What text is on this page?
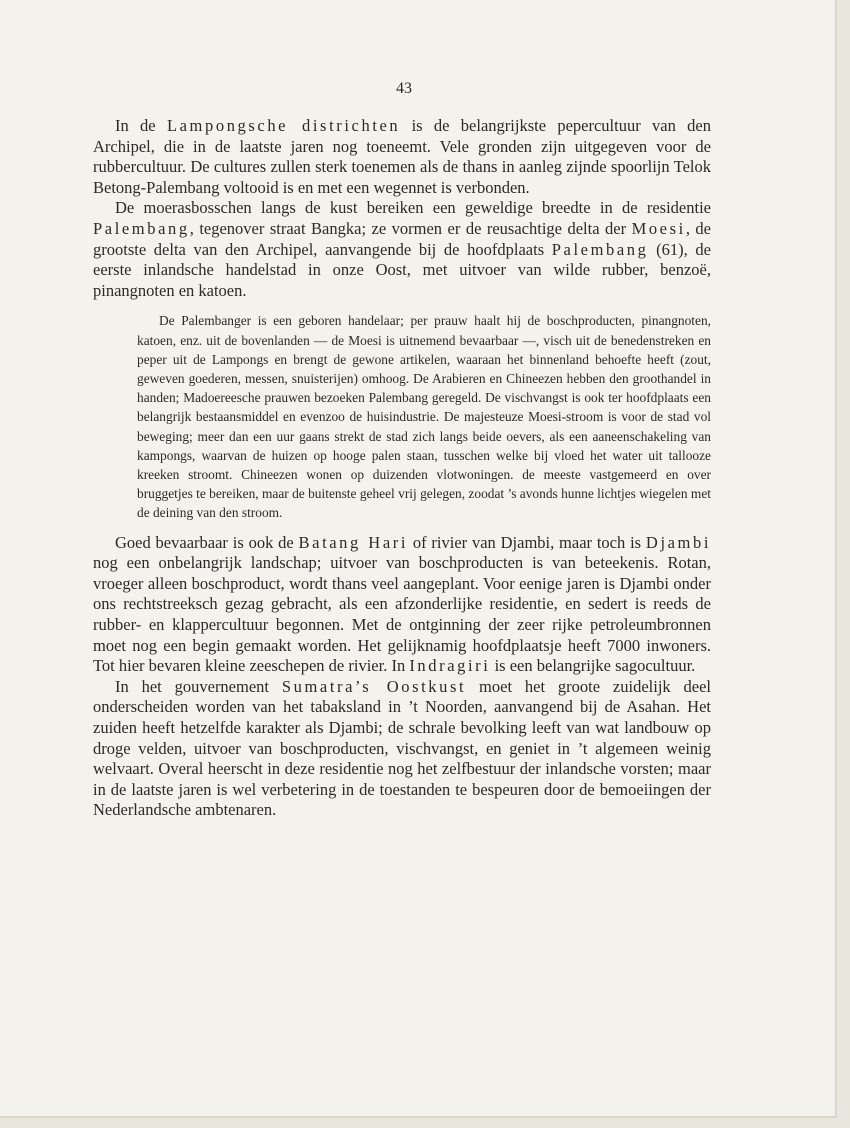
43

In de Lampongsche districhten is de belangrijkste pepercultuur van den Archipel, die in de laatste jaren nog toeneemt. Vele gronden zijn uitgegeven voor de rubbercultuur. De cultures zullen sterk toenemen als de thans in aanleg zijnde spoorlijn Telok Betong-Palembang voltooid is en met een wegennet is verbonden.

De moerasbosschen langs de kust bereiken een geweldige breedte in de residentie Palembang, tegenover straat Bangka; ze vormen er de reusachtige delta der Moesi, de grootste delta van den Archipel, aanvangende bij de hoofdplaats Palembang (61), de eerste inlandsche handelstad in onze Oost, met uitvoer van wilde rubber, benzoë, pinangnoten en katoen.

De Palembanger is een geboren handelaar; per prauw haalt hij de boschproducten, pinangnoten, katoen, enz. uit de bovenlanden — de Moesi is uitnemend bevaarbaar —, visch uit de benedenstreken en peper uit de Lampongs en brengt de gewone artikelen, waaraan het binnenland behoefte heeft (zout, geweven goederen, messen, snuisterijen) omhoog. De Arabieren en Chineezen hebben den groothandel in handen; Madoereesche prauwen bezoeken Palembang geregeld. De vischvangst is ook ter hoofdplaats een belangrijk bestaansmiddel en evenzoo de huisindustrie. De majesteuze Moesi-stroom is voor de stad vol beweging; meer dan een uur gaans strekt de stad zich langs beide oevers, als een aaneenschakeling van kampongs, waarvan de huizen op hooge palen staan, tusschen welke bij vloed het water uit tallooze kreeken stroomt. Chineezen wonen op duizenden vlotwoningen. de meeste vastgemeerd en over bruggetjes te bereiken, maar de buitenste geheel vrij gelegen, zoodat ’s avonds hunne lichtjes wiegelen met de deining van den stroom.

Goed bevaarbaar is ook de Batang Hari of rivier van Djambi, maar toch is Djambi nog een onbelangrijk landschap; uitvoer van boschproducten is van beteekenis. Rotan, vroeger alleen boschproduct, wordt thans veel aangeplant. Voor eenige jaren is Djambi onder ons rechtstreeksch gezag gebracht, als een afzonderlijke residentie, en sedert is reeds de rubber- en klappercultuur begonnen. Met de ontginning der zeer rijke petroleumbronnen moet nog een begin gemaakt worden. Het gelijknamig hoofdplaatsje heeft 7000 inwoners. Tot hier bevaren kleine zeeschepen de rivier. In Indragiri is een belangrijke sagocultuur.

In het gouvernement Sumatra’s Oostkust moet het groote zuidelijk deel onderscheiden worden van het tabaksland in ’t Noorden, aanvangend bij de Asahan. Het zuiden heeft hetzelfde karakter als Djambi; de schrale bevolking leeft van wat landbouw op droge velden, uitvoer van boschproducten, vischvangst, en geniet in ’t algemeen weinig welvaart. Overal heerscht in deze residentie nog het zelfbestuur der inlandsche vorsten; maar in de laatste jaren is wel verbetering in de toestanden te bespeuren door de bemoeiingen der Nederlandsche ambtenaren.
